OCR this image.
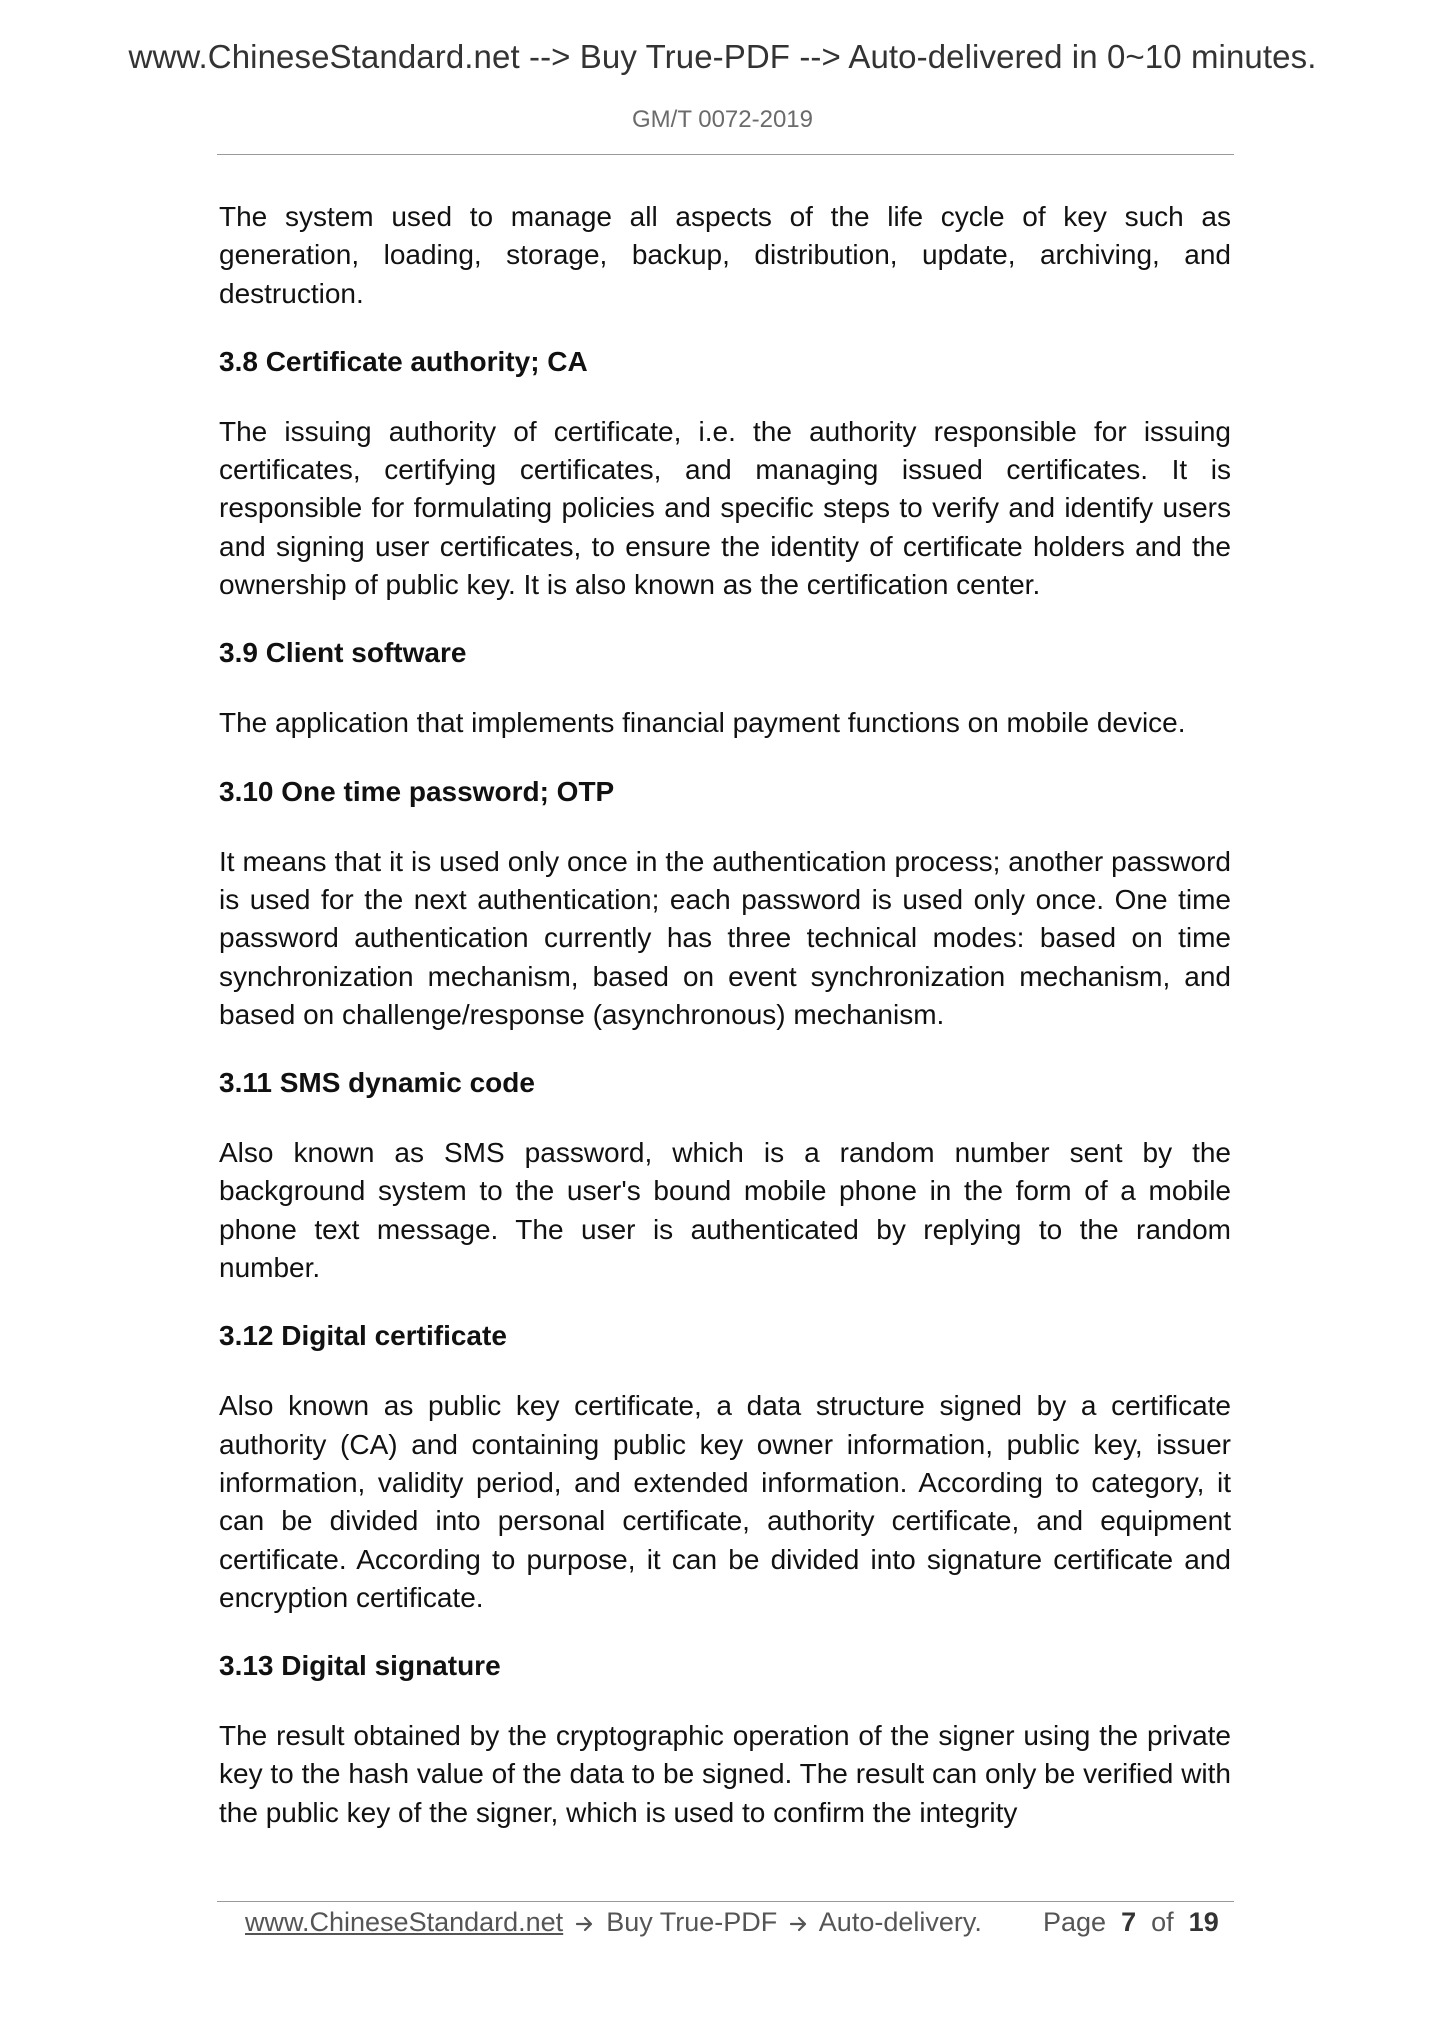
www.ChineseStandard.net --> Buy True-PDF --> Auto-delivered in 0~10 minutes.
GM/T 0072-2019

The system used to manage all aspects of the life cycle of key such as generation, loading, storage, backup, distribution, update, archiving, and destruction.

3.8 Certificate authority; CA

The issuing authority of certificate, i.e. the authority responsible for issuing certificates, certifying certificates, and managing issued certificates. It is responsible for formulating policies and specific steps to verify and identify users and signing user certificates, to ensure the identity of certificate holders and the ownership of public key. It is also known as the certification center.

3.9 Client software

The application that implements financial payment functions on mobile device.

3.10 One time password; OTP

It means that it is used only once in the authentication process; another password is used for the next authentication; each password is used only once. One time password authentication currently has three technical modes: based on time synchronization mechanism, based on event synchronization mechanism, and based on challenge/response (asynchronous) mechanism.

3.11 SMS dynamic code

Also known as SMS password, which is a random number sent by the background system to the user's bound mobile phone in the form of a mobile phone text message. The user is authenticated by replying to the random number.

3.12 Digital certificate

Also known as public key certificate, a data structure signed by a certificate authority (CA) and containing public key owner information, public key, issuer information, validity period, and extended information. According to category, it can be divided into personal certificate, authority certificate, and equipment certificate. According to purpose, it can be divided into signature certificate and encryption certificate.

3.13 Digital signature

The result obtained by the cryptographic operation of the signer using the private key to the hash value of the data to be signed. The result can only be verified with the public key of the signer, which is used to confirm the integrity

www.ChineseStandard.net Buy True-PDF Auto-delivery. Page 7 of 19
